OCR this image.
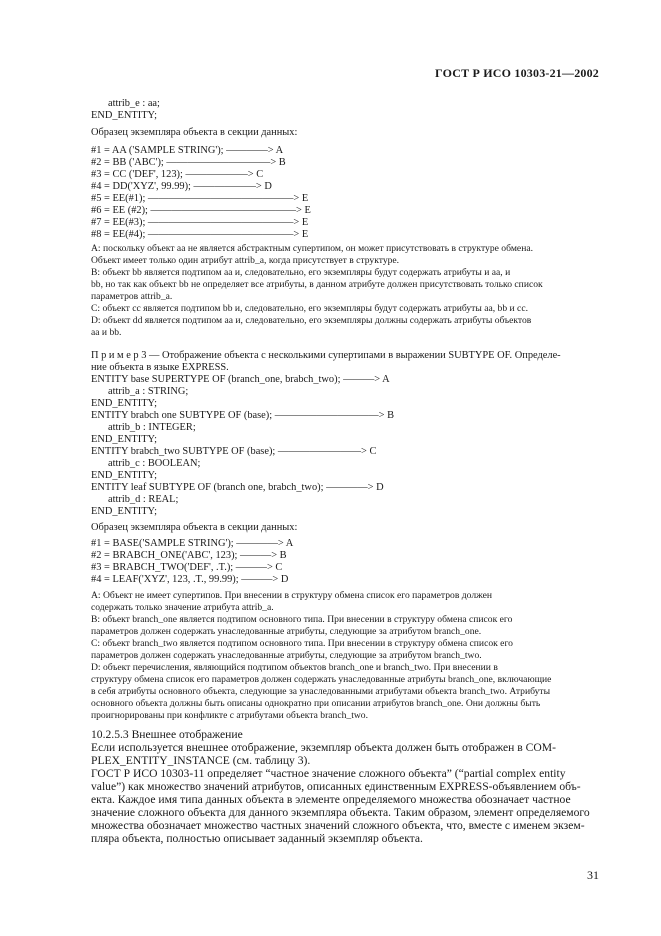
ГОСТ Р ИСО 10303-21—2002
attrib_e : aa;
END_ENTITY;
Образец экземпляра объекта в секции данных:
#1 = AA ('SAMPLE STRING'); ————> A
#2 = BB ('ABC'); ——————————> B
#3 = CC ('DEF', 123); ——————> C
#4 = DD('XYZ', 99.99); ——————> D
#5 = EE(#1); ——————————————> E
#6 = EE (#2); ——————————————> E
#7 = EE(#3); ——————————————> E
#8 = EE(#4); ——————————————> E
А: поскольку объект аа не является абстрактным супертипом, он может присутствовать в структуре обмена.
Объект имеет только один атрибут attrib_a, когда присутствует в структуре.
B: объект bb является подтипом aa и, следовательно, его экземпляры будут содержать атрибуты и aa, и
bb, но так как объект bb не определяет все атрибуты, в данном атрибуте должен присутствовать только список
параметров attrib_a.
C: объект cc является подтипом bb и, следовательно, его экземпляры будут содержать атрибуты aa, bb и cc.
D: объект dd является подтипом aa и, следовательно, его экземпляры должны содержать атрибуты объектов
aa и bb.
П р и м е р 3 — Отображение объекта с несколькими супертипами в выражении SUBTYPE OF. Определе-
ние объекта в языке EXPRESS.
ENTITY base SUPERTYPE OF (branch_one, brabch_two); ———> A
attrib_a : STRING;
END_ENTITY;
ENTITY brabch one SUBTYPE OF (base); ——————————> B
attrib_b : INTEGER;
END_ENTITY;
ENTITY brabch_two SUBTYPE OF (base); ————————> C
attrib_c : BOOLEAN;
END_ENTITY;
ENTITY leaf SUBTYPE OF (branch one, brabch_two); ————> D
attrib_d : REAL;
END_ENTITY;
Образец экземпляра объекта в секции данных:
#1 = BASE('SAMPLE STRING'); ————> A
#2 = BRABCH_ONE('ABC', 123); ———> B
#3 = BRABCH_TWO('DEF', .T.); ———> C
#4 = LEAF('XYZ', 123, .T., 99.99); ———> D
А: Объект не имеет супертипов. При внесении в структуру обмена список его параметров должен
содержать только значение атрибута attrib_a.
B: объект branch_one является подтипом основного типа. При внесении в структуру обмена список его
параметров должен содержать унаследованные атрибуты, следующие за атрибутом branch_one.
C: объект branch_two является подтипом основного типа. При внесении в структуру обмена список его
параметров должен содержать унаследованные атрибуты, следующие за атрибутом branch_two.
D: объект перечисления, являющийся подтипом объектов branch_one и branch_two. При внесении в
структуру обмена список его параметров должен содержать унаследованные атрибуты branch_one, включающие
в себя атрибуты основного объекта, следующие за унаследованными атрибутами объекта branch_two. Атрибуты
основного объекта должны быть описаны однократно при описании атрибутов branch_one. Они должны быть
проигнорированы при конфликте с атрибутами объекта branch_two.
10.2.5.3 Внешнее отображение
Если используется внешнее отображение, экземпляр объекта должен быть отображен в COM-
PLEX_ENTITY_INSTANCE (см. таблицу 3).
ГОСТ Р ИСО 10303-11 определяет “частное значение сложного объекта” (“partial complex entity
value”) как множество значений атрибутов, описанных единственным EXPRESS-объявлением объ-
екта. Каждое имя типа данных объекта в элементе определяемого множества обозначает частное
значение сложного объекта для данного экземпляра объекта. Таким образом, элемент определяемого
множества обозначает множество частных значений сложного объекта, что, вместе с именем экзем-
пляра объекта, полностью описывает заданный экземпляр объекта.
31
